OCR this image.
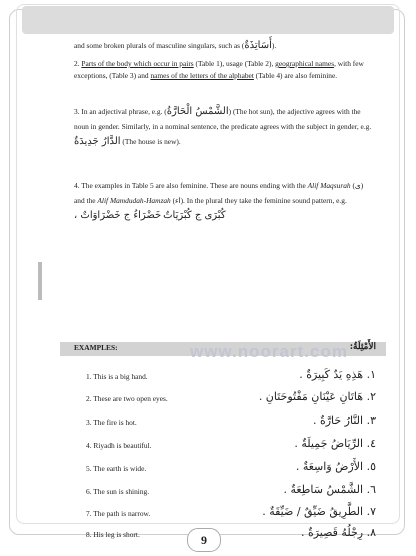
and some broken plurals of masculine singulars, such as (أَسَاتِذَةٌ).
2. Parts of the body which occur in pairs (Table 1), usage (Table 2), geographical names, with few exceptions, (Table 3) and names of the letters of the alphabet (Table 4) are also feminine.
3. In an adjectival phrase, e.g. (الشَّمْسُ الْحَارَّةُ) (The hot sun), the adjective agrees with the noun in gender. Similarly, in a nominal sentence, the predicate agrees with the subject in gender, e.g. الدَّارُ جَدِيدَةٌ (The house is new).
4. The examples in Table 5 are also feminine. These are nouns ending with the Alif Maqsurah (ى) and the Alif Mamdudah-Hamzah (اء). In the plural they take the feminine sound pattern, e.g. خَضْرَاءُ ج خَضْرَاوَاتٌ ، كُبْرَى ج كُبْرَيَاتٌ
EXAMPLES:	الأَمْثِلَةُ:
www.noorart.com
1. This is a big hand.	١. هَذِهِ يَدٌ كَبِيرَةٌ .
2. These are two open eyes.	٢. هَاتَانِ عَيْنَانِ مَفْتُوحَتَانِ .
3. The fire is hot.	٣. النَّارُ حَارَّةٌ .
4. Riyadh is beautiful.	٤. الرِّيَاضُ جَمِيلَةٌ .
5. The earth is wide.	٥. الأَرْضُ وَاسِعَةٌ .
6. The sun is shining.	٦. الشَّمْسُ سَاطِعَةٌ .
7. The path is narrow.	٧. الطَّرِيقُ ضَيِّقٌ / ضَيِّقَةٌ .
8. His leg is short.	٨. رِجْلُهُ قَصِيرَةٌ .
9
